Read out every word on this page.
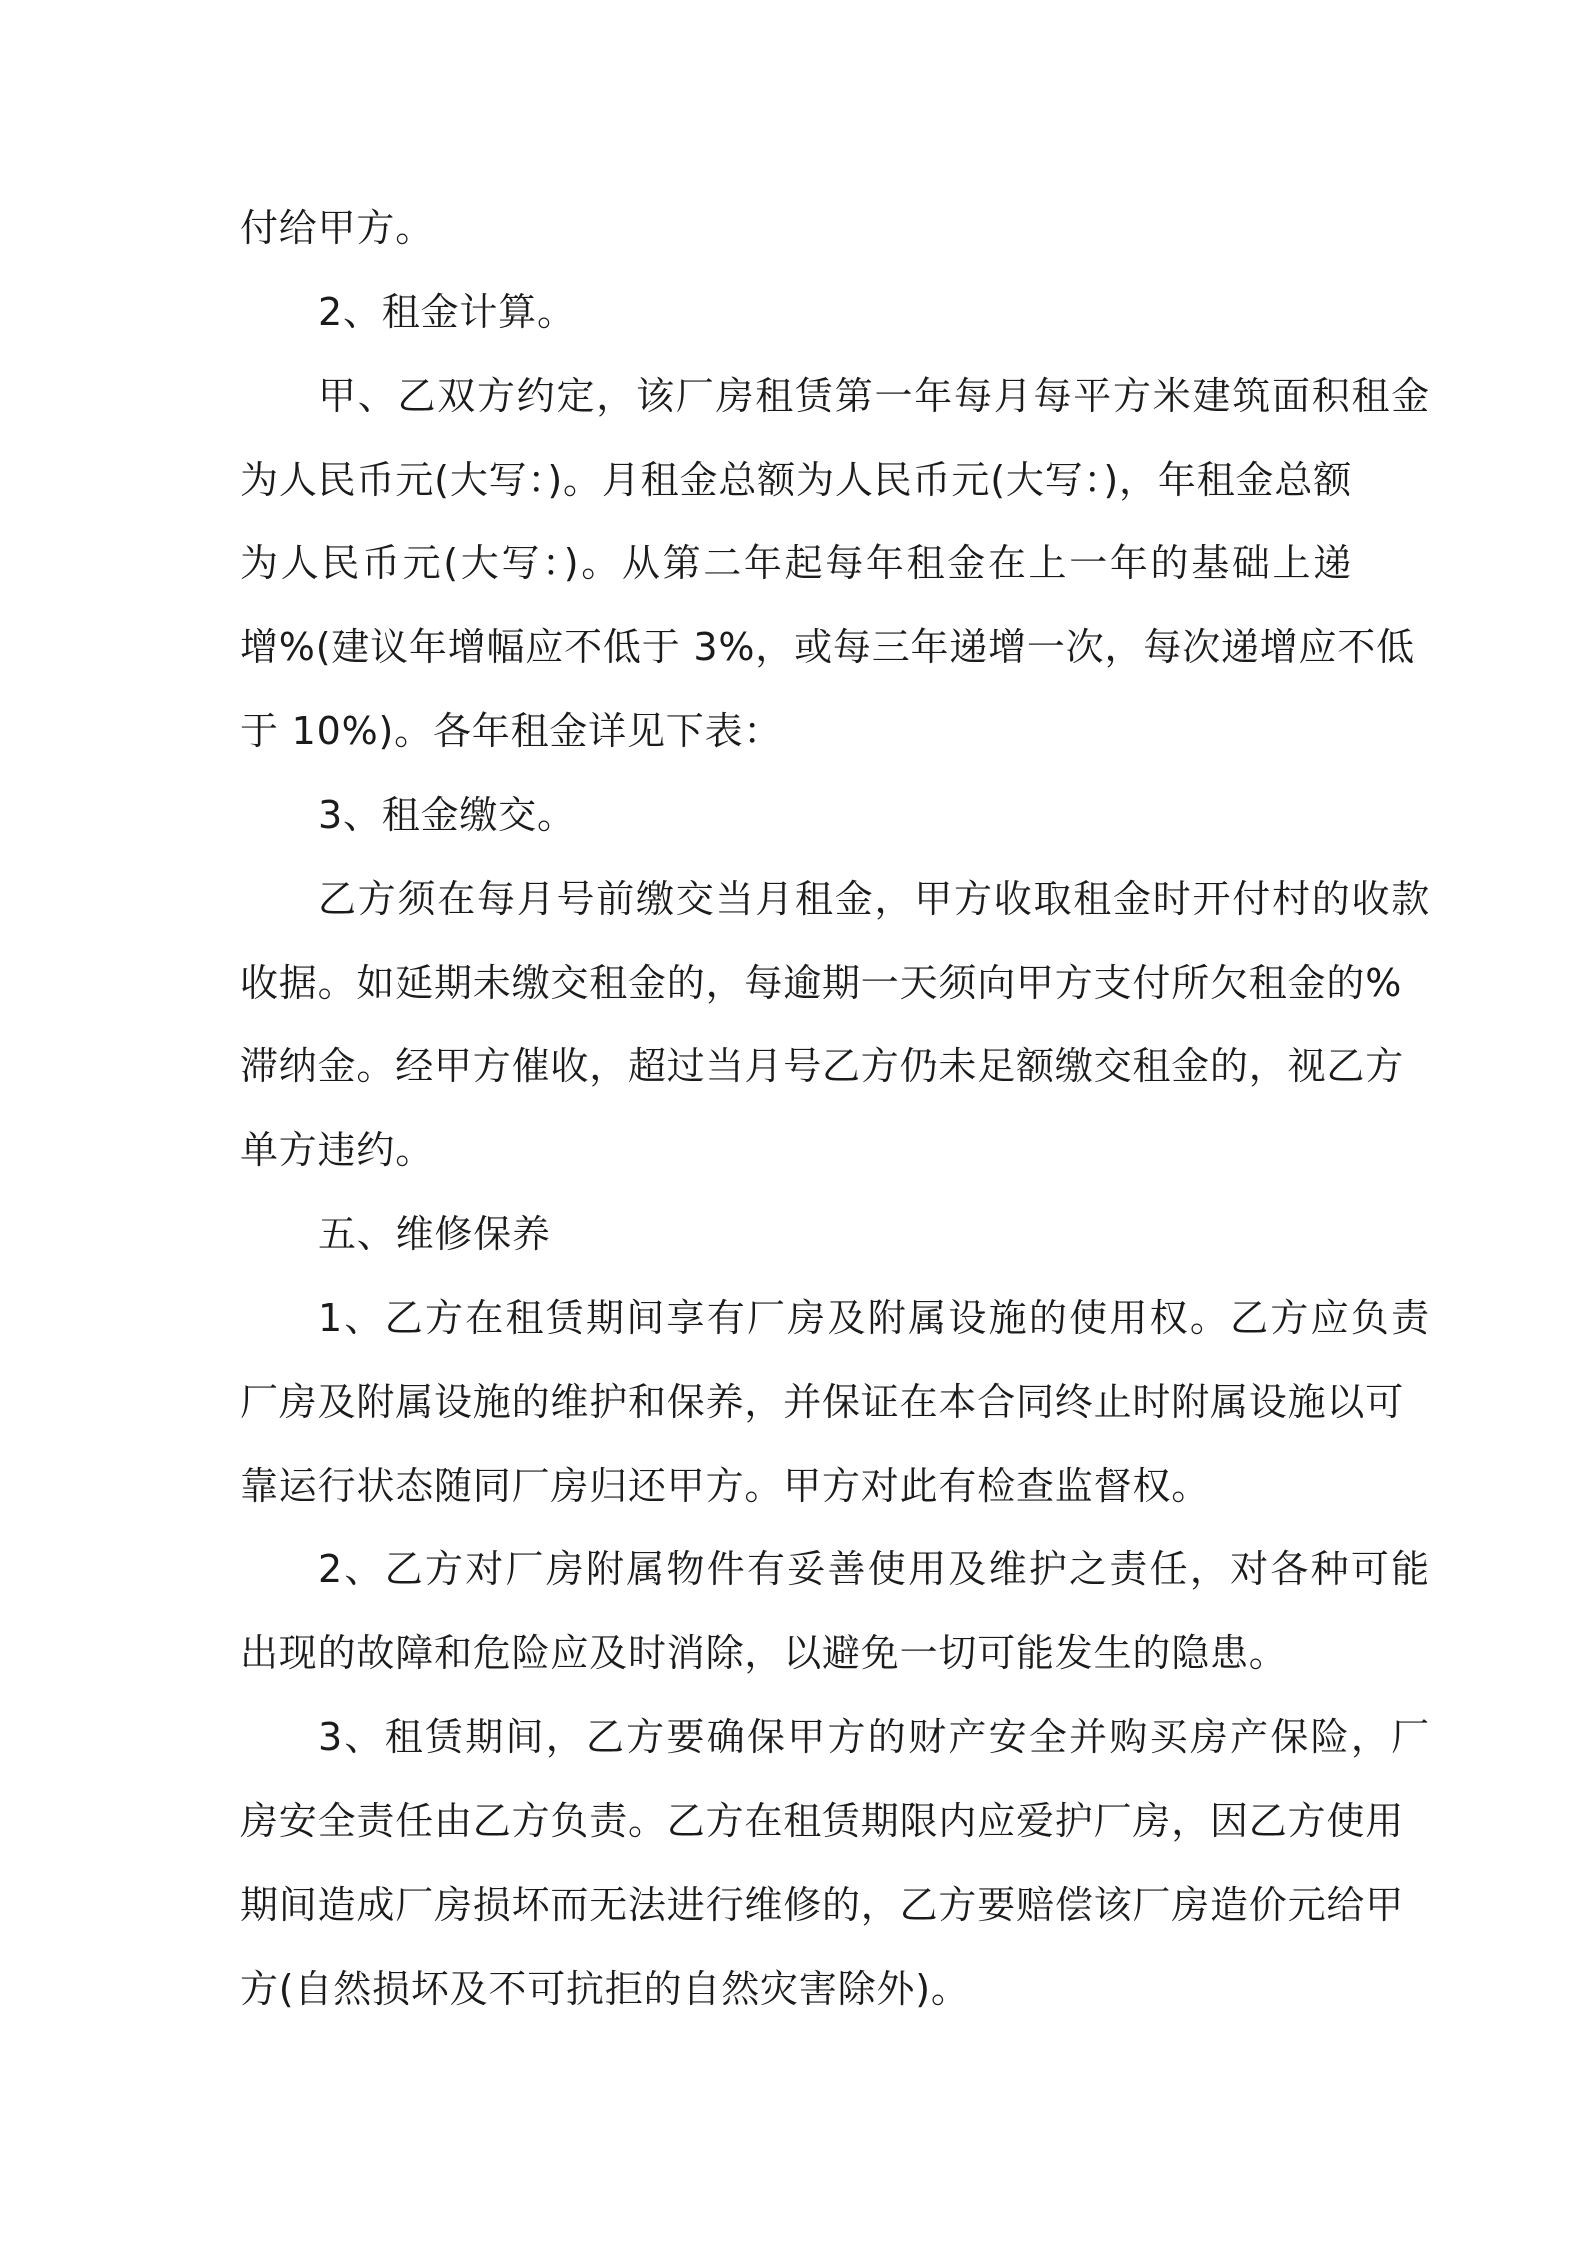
付给甲方。
2、租金计算。
甲、乙双方约定，该厂房租赁第一年每月每平方米建筑面积租金
为人民币元(大写：)。月租金总额为人民币元(大写：)，年租金总额
为人民币元(大写：)。从第二年起每年租金在上一年的基础上递
增%(建议年增幅应不低于 3%，或每三年递增一次，每次递增应不低
于 10%)。各年租金详见下表：
3、租金缴交。
乙方须在每月号前缴交当月租金，甲方收取租金时开付村的收款
收据。如延期未缴交租金的，每逾期一天须向甲方支付所欠租金的%
滞纳金。经甲方催收，超过当月号乙方仍未足额缴交租金的，视乙方
单方违约。
五、维修保养
1、乙方在租赁期间享有厂房及附属设施的使用权。乙方应负责
厂房及附属设施的维护和保养，并保证在本合同终止时附属设施以可
靠运行状态随同厂房归还甲方。甲方对此有检查监督权。
2、乙方对厂房附属物件有妥善使用及维护之责任，对各种可能
出现的故障和危险应及时消除，以避免一切可能发生的隐患。
3、租赁期间，乙方要确保甲方的财产安全并购买房产保险，厂
房安全责任由乙方负责。乙方在租赁期限内应爱护厂房，因乙方使用
期间造成厂房损坏而无法进行维修的，乙方要赔偿该厂房造价元给甲
方(自然损坏及不可抗拒的自然灾害除外)。
